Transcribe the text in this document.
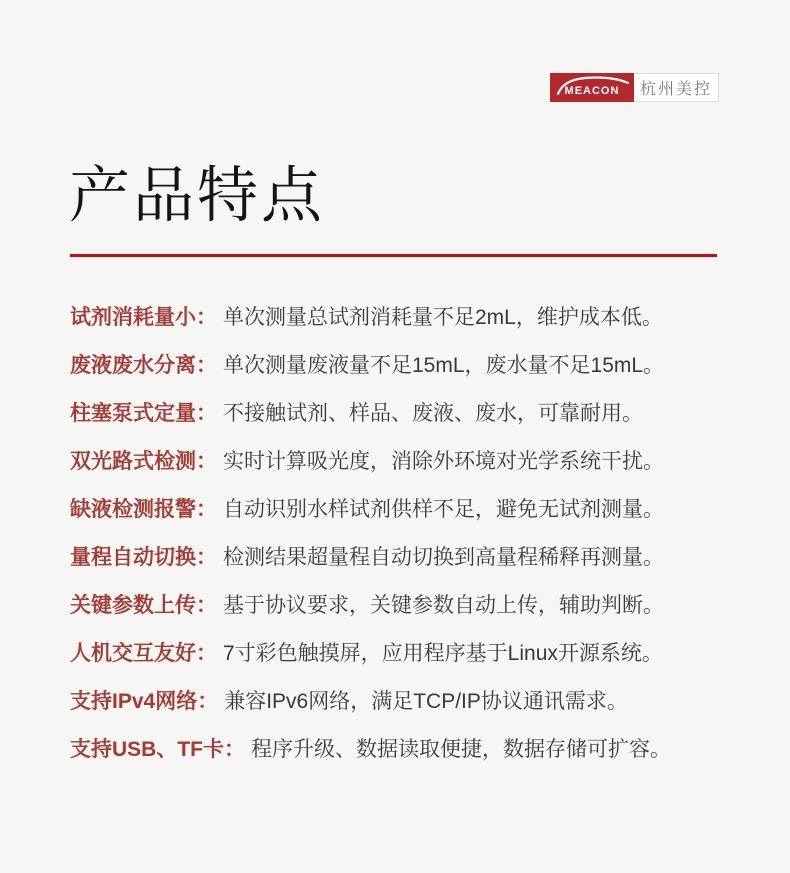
MEACON	杭州美控
产品特点
试剂消耗量小： 单次测量总试剂消耗量不足2mL，维护成本低。
废液废水分离： 单次测量废液量不足15mL，废水量不足15mL。
柱塞泵式定量： 不接触试剂、样品、废液、废水，可靠耐用。
双光路式检测： 实时计算吸光度，消除外环境对光学系统干扰。
缺液检测报警： 自动识别水样试剂供样不足，避免无试剂测量。
量程自动切换： 检测结果超量程自动切换到高量程稀释再测量。
关键参数上传： 基于协议要求，关键参数自动上传，辅助判断。
人机交互友好： 7寸彩色触摸屏，应用程序基于Linux开源系统。
支持IPv4网络： 兼容IPv6网络，满足TCP/IP协议通讯需求。
支持USB、TF卡： 程序升级、数据读取便捷，数据存储可扩容。
